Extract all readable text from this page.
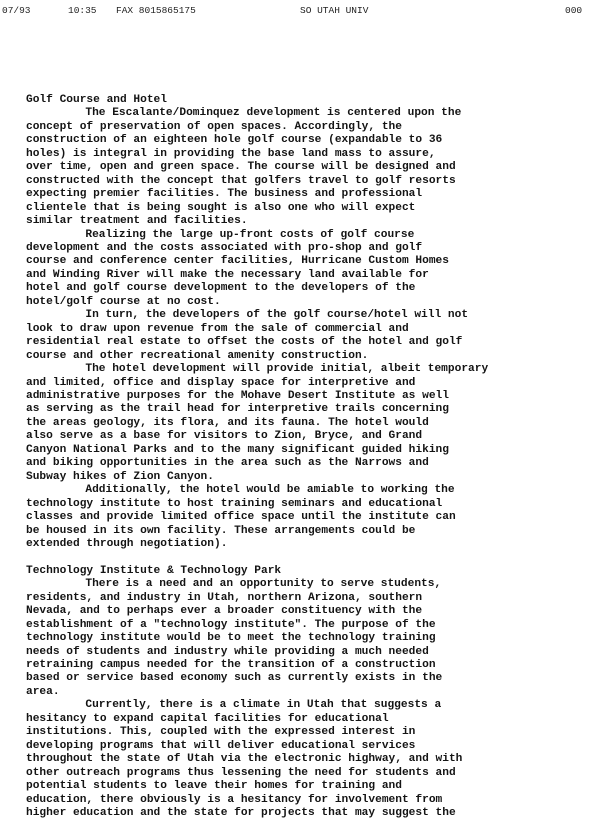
07/93	10:35 FAX 8015865175	SO UTAH UNIV	000
Golf Course and Hotel
The Escalante/Dominquez development is centered upon the
concept of preservation of open spaces. Accordingly, the
construction of an eighteen hole golf course (expandable to 36
holes) is integral in providing the base land mass to assure,
over time, open and green space. The course will be designed and
constructed with the concept that golfers travel to golf resorts
expecting premier facilities. The business and professional
clientele that is being sought is also one who will expect
similar treatment and facilities.
Realizing the large up-front costs of golf course
development and the costs associated with pro-shop and golf
course and conference center facilities, Hurricane Custom Homes
and Winding River will make the necessary land available for
hotel and golf course development to the developers of the
hotel/golf course at no cost.
In turn, the developers of the golf course/hotel will not
look to draw upon revenue from the sale of commercial and
residential real estate to offset the costs of the hotel and golf
course and other recreational amenity construction.
The hotel development will provide initial, albeit temporary
and limited, office and display space for interpretive and
administrative purposes for the Mohave Desert Institute as well
as serving as the trail head for interpretive trails concerning
the areas geology, its flora, and its fauna. The hotel would
also serve as a base for visitors to Zion, Bryce, and Grand
Canyon National Parks and to the many significant guided hiking
and biking opportunities in the area such as the Narrows and
Subway hikes of Zion Canyon.
Additionally, the hotel would be amiable to working the
technology institute to host training seminars and educational
classes and provide limited office space until the institute can
be housed in its own facility. These arrangements could be
extended through negotiation).
Technology Institute & Technology Park
There is a need and an opportunity to serve students,
residents, and industry in Utah, northern Arizona, southern
Nevada, and to perhaps ever a broader constituency with the
establishment of a "technology institute". The purpose of the
technology institute would be to meet the technology training
needs of students and industry while providing a much needed
retraining campus needed for the transition of a construction
based or service based economy such as currently exists in the
area.
Currently, there is a climate in Utah that suggests a
hesitancy to expand capital facilities for educational
institutions. This, coupled with the expressed interest in
developing programs that will deliver educational services
throughout the state of Utah via the electronic highway, and with
other outreach programs thus lessening the need for students and
potential students to leave their homes for training and
education, there obviously is a hesitancy for involvement from
higher education and the state for projects that may suggest the
